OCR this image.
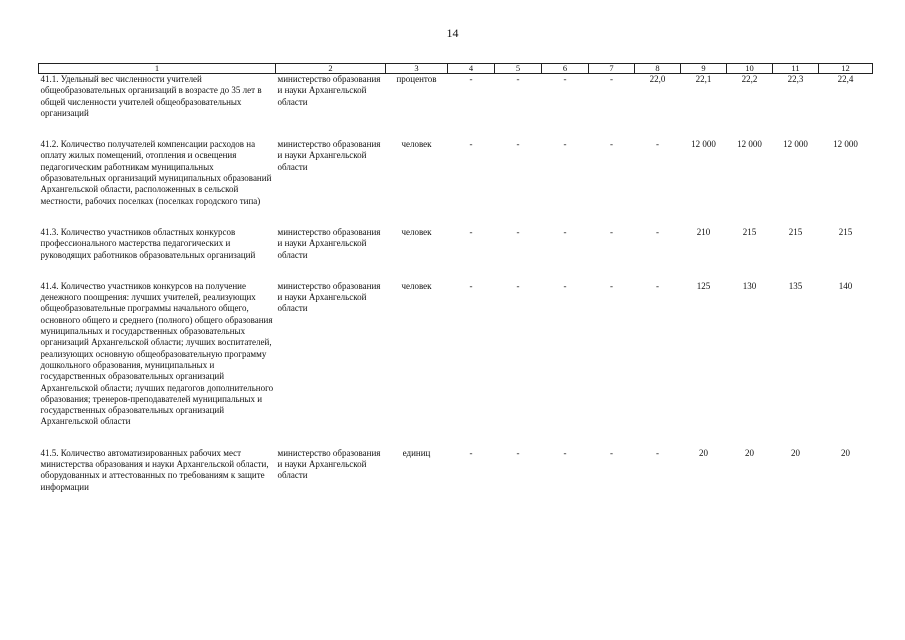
14
1	2	3	4	5	6	7	8	9	10	11	12
41.1. Удельный вес численности учителей общеобразовательных организаций в возрасте до 35 лет в общей численности учителей общеобразовательных организаций	министерство образования и науки Архангельской области	процентов	-	-	-	-	22,0	22,1	22,2	22,3	22,4

41.2. Количество получателей компенсации расходов на оплату жилых помещений, отопления и освещения педагогическим работникам муниципальных образовательных организаций муниципальных образований Архангельской области, расположенных в сельской местности, рабочих поселках (поселках городского типа)	министерство образования и науки Архангельской области	человек	-	-	-	-	-	12 000	12 000	12 000	12 000

41.3. Количество участников областных конкурсов профессионального мастерства педагогических и руководящих работников образовательных организаций	министерство образования и науки Архангельской области	человек	-	-	-	-	-	210	215	215	215

41.4. Количество участников конкурсов на получение денежного поощрения: лучших учителей, реализующих общеобразовательные программы начального общего, основного общего и среднего (полного) общего образования муниципальных и государственных образовательных организаций Архангельской области; лучших воспитателей, реализующих основную общеобразовательную программу дошкольного образования, муниципальных и государственных образовательных организаций Архангельской области; лучших педагогов дополнительного образования; тренеров-преподавателей муниципальных и государственных образовательных организаций Архангельской области	министерство образования и науки Архангельской области	человек	-	-	-	-	-	125	130	135	140

41.5. Количество автоматизированных рабочих мест министерства образования и науки Архангельской области, оборудованных и аттестованных по требованиям к защите информации	министерство образования и науки Архангельской области	единиц	-	-	-	-	-	20	20	20	20
